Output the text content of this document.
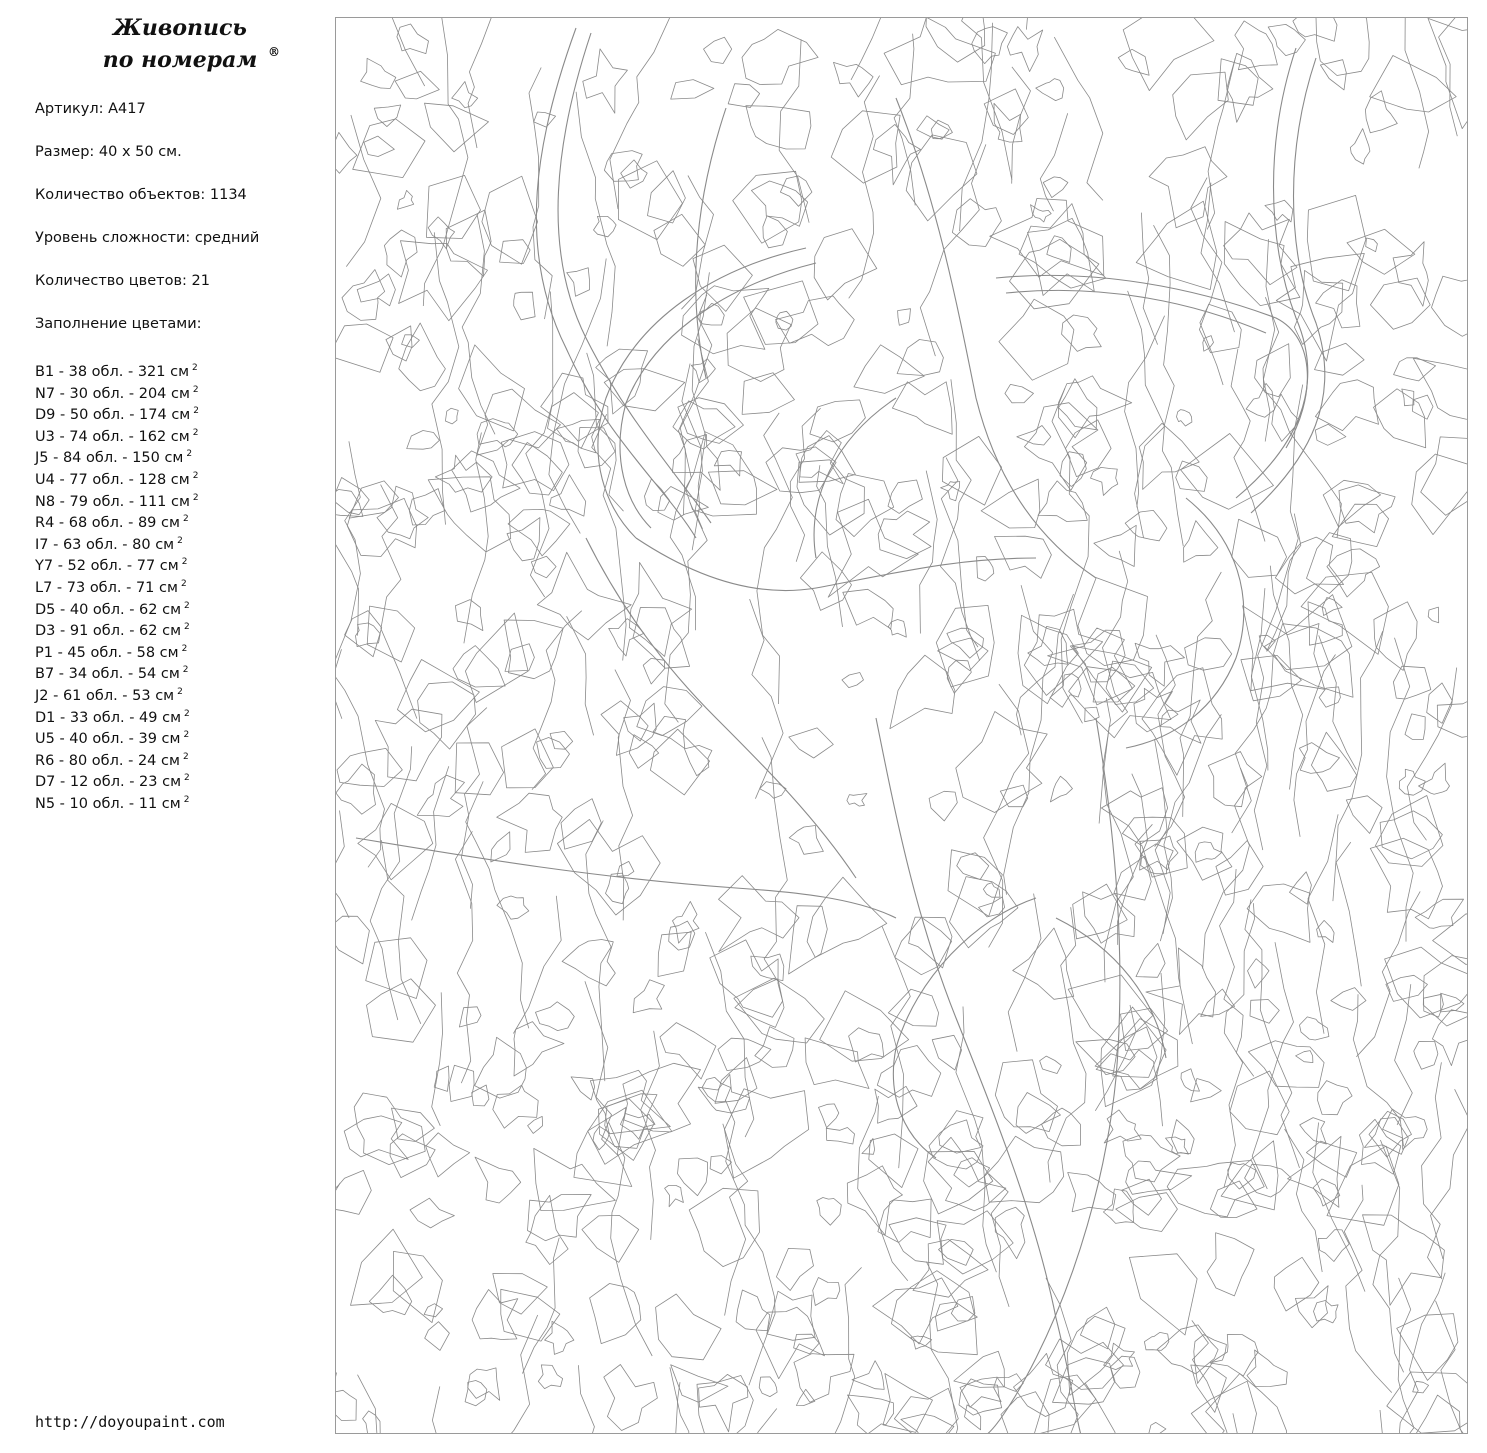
Живопись
по номерам ®
Артикул: A417
Размер: 40 x 50 см.
Количество объектов: 1134
Уровень сложности: средний
Количество цветов: 21
Заполнение цветами:
B1 - 38 обл. - 321 см $^2$
N7 - 30 обл. - 204 см $^2$
D9 - 50 обл. - 174 см $^2$
U3 - 74 обл. - 162 см $^2$
J5 - 84 обл. - 150 см $^2$
U4 - 77 обл. - 128 см $^2$
N8 - 79 обл. - 111 см $^2$
R4 - 68 обл. - 89 см $^2$
I7 - 63 обл. - 80 см $^2$
Y7 - 52 обл. - 77 см $^2$
L7 - 73 обл. - 71 см $^2$
D5 - 40 обл. - 62 см $^2$
D3 - 91 обл. - 62 см $^2$
P1 - 45 обл. - 58 см $^2$
B7 - 34 обл. - 54 см $^2$
J2 - 61 обл. - 53 см $^2$
D1 - 33 обл. - 49 см $^2$
U5 - 40 обл. - 39 см $^2$
R6 - 80 обл. - 24 см $^2$
D7 - 12 обл. - 23 см $^2$
N5 - 10 обл. - 11 см $^2$
http://doyoupaint.com
